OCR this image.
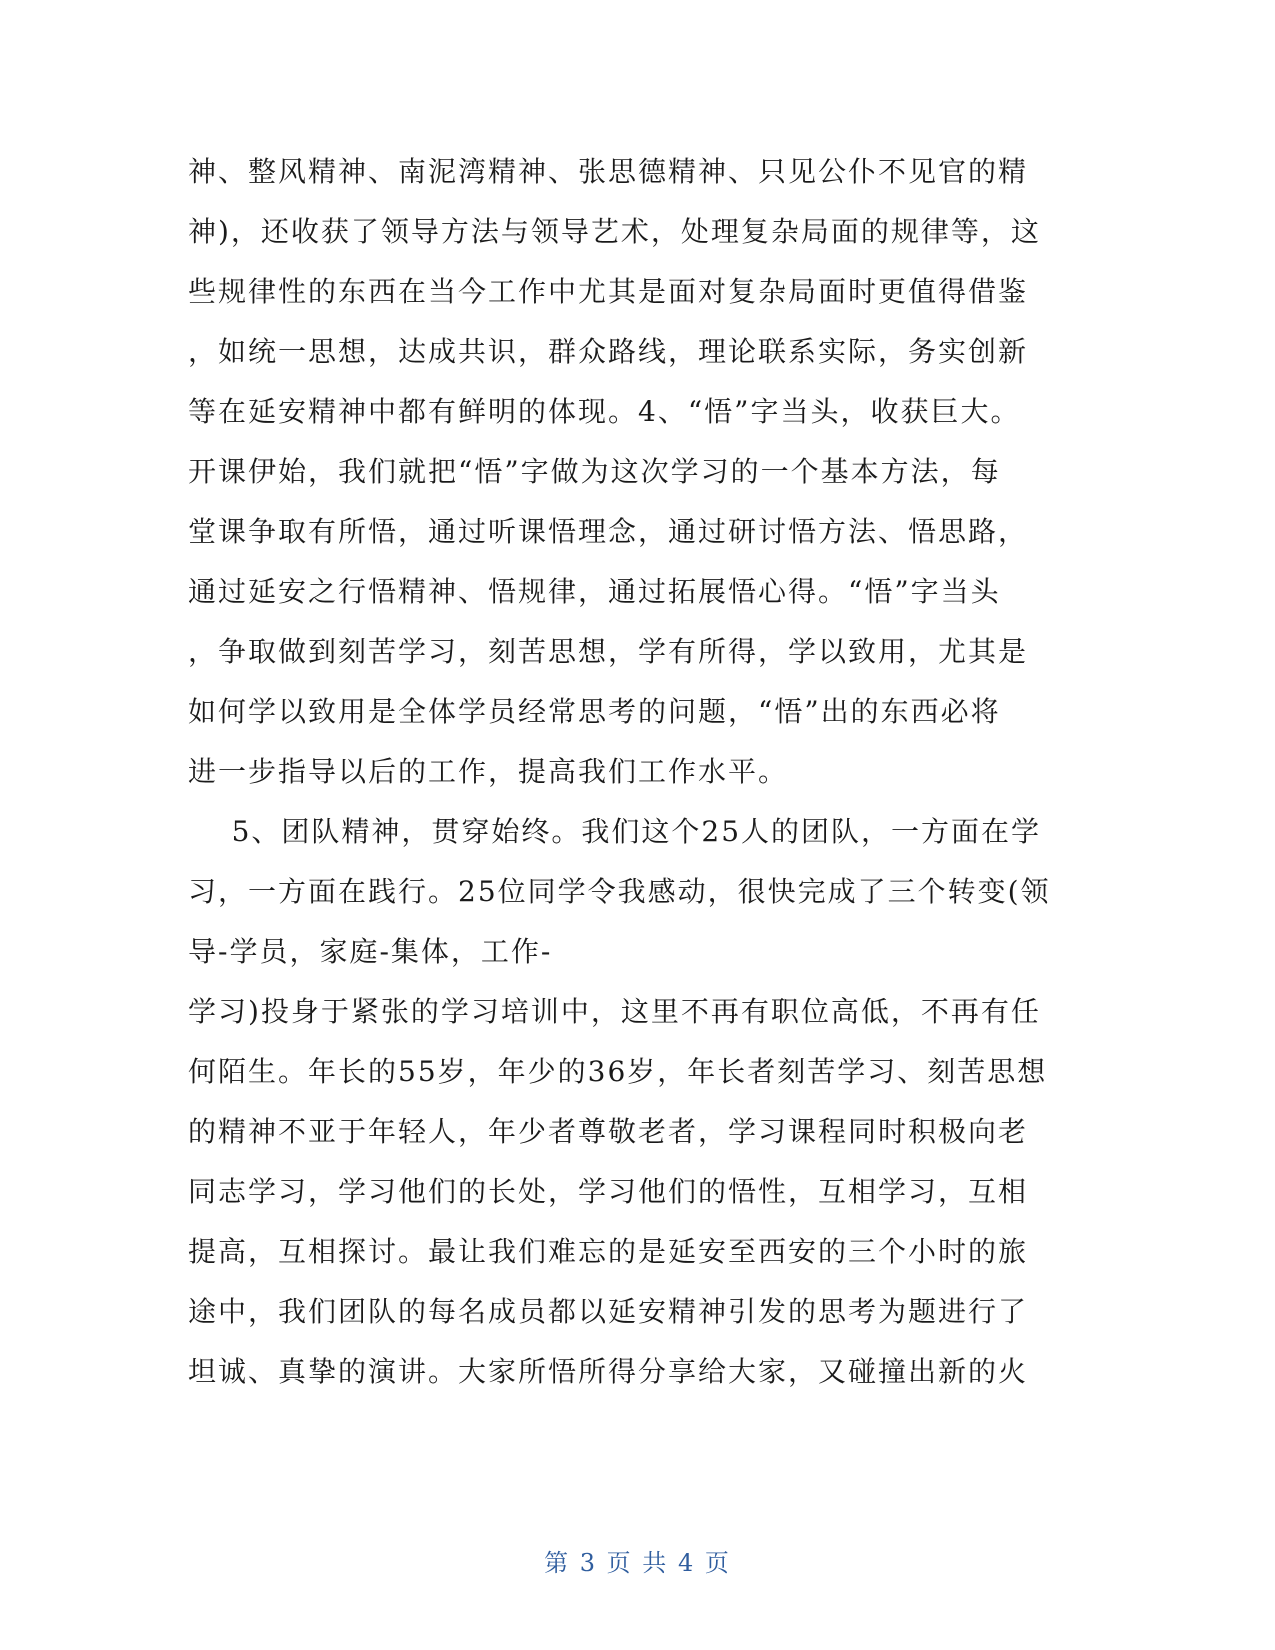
神、整风精神、南泥湾精神、张思德精神、只见公仆不见官的精
神)，还收获了领导方法与领导艺术，处理复杂局面的规律等，这
些规律性的东西在当今工作中尤其是面对复杂局面时更值得借鉴
，如统一思想，达成共识，群众路线，理论联系实际，务实创新
等在延安精神中都有鲜明的体现。4、“悟”字当头，收获巨大。
开课伊始，我们就把“悟”字做为这次学习的一个基本方法，每
堂课争取有所悟，通过听课悟理念，通过研讨悟方法、悟思路，
通过延安之行悟精神、悟规律，通过拓展悟心得。“悟”字当头
，争取做到刻苦学习，刻苦思想，学有所得，学以致用，尤其是
如何学以致用是全体学员经常思考的问题，“悟”出的东西必将
进一步指导以后的工作，提高我们工作水平。
5、团队精神，贯穿始终。我们这个25人的团队，一方面在学
习，一方面在践行。25位同学令我感动，很快完成了三个转变(领
导-学员，家庭-集体，工作-
学习)投身于紧张的学习培训中，这里不再有职位高低，不再有任
何陌生。年长的55岁，年少的36岁，年长者刻苦学习、刻苦思想
的精神不亚于年轻人，年少者尊敬老者，学习课程同时积极向老
同志学习，学习他们的长处，学习他们的悟性，互相学习，互相
提高，互相探讨。最让我们难忘的是延安至西安的三个小时的旅
途中，我们团队的每名成员都以延安精神引发的思考为题进行了
坦诚、真挚的演讲。大家所悟所得分享给大家，又碰撞出新的火
第 3 页 共 4 页
